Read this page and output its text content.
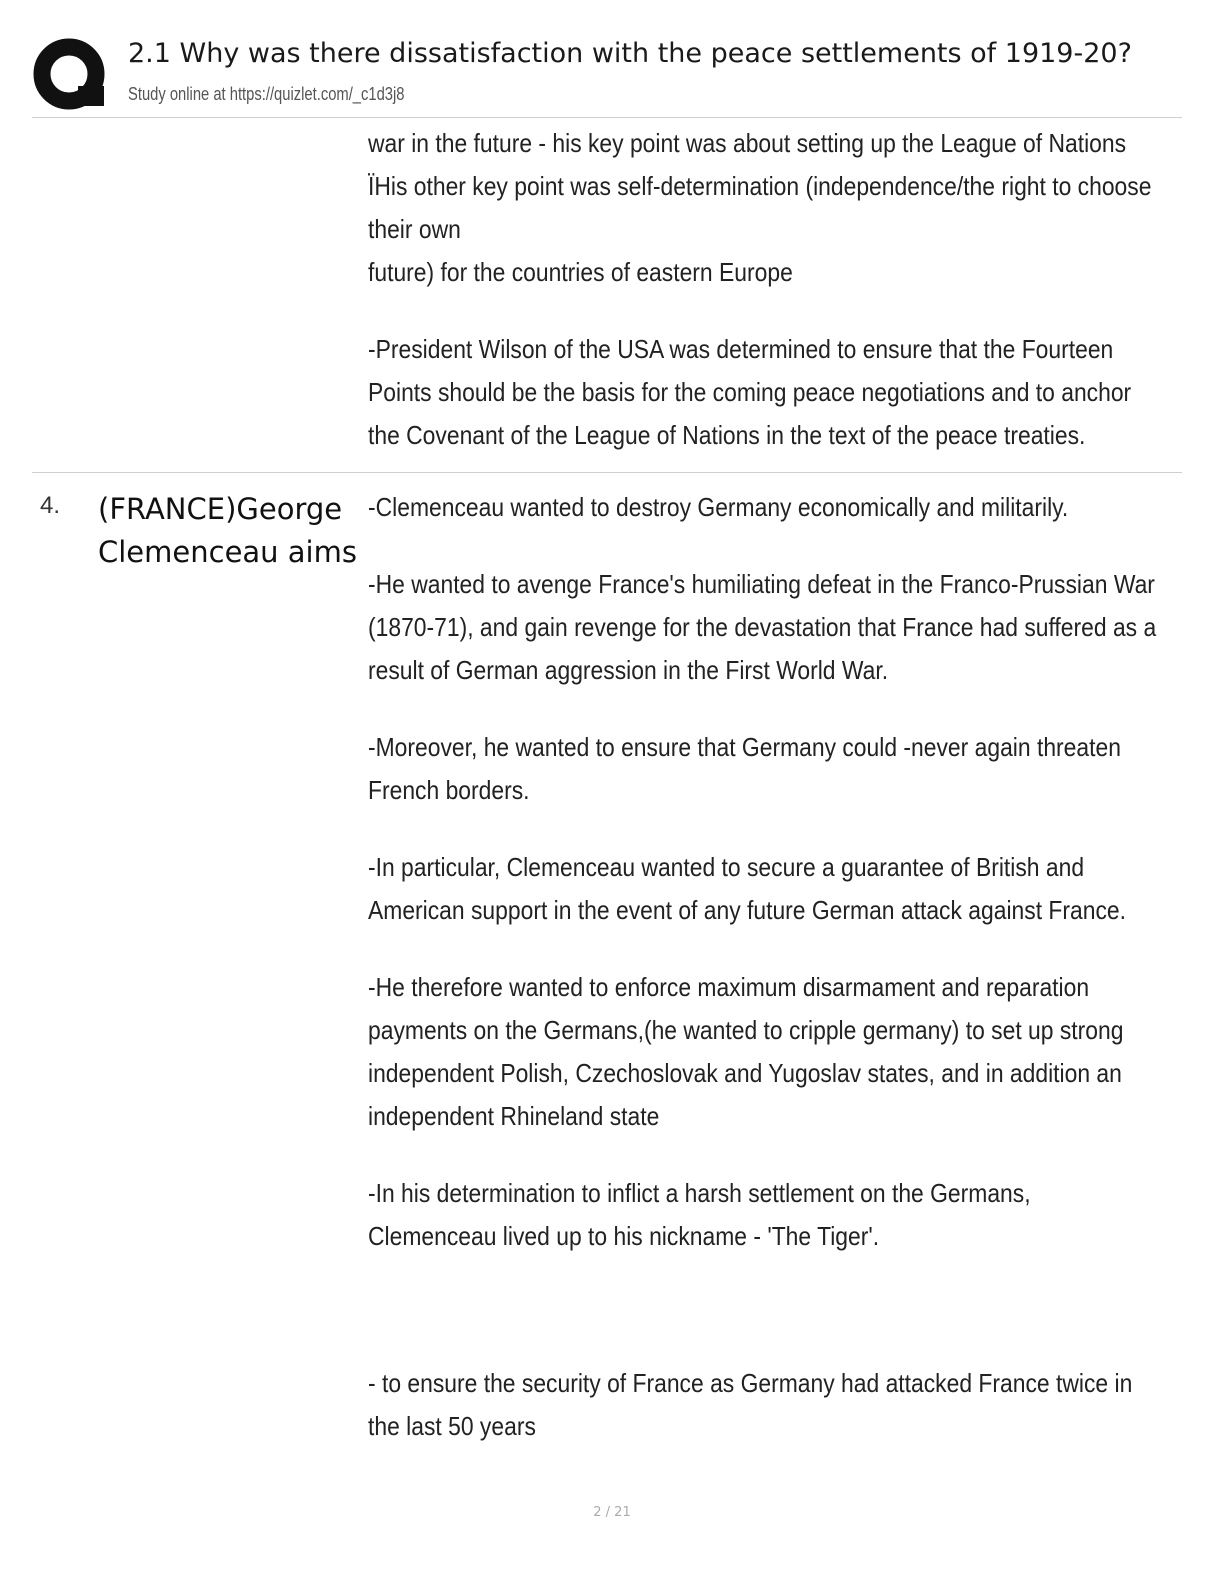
Q
2.1 Why was there dissatisfaction with the peace settlements of 1919-20?
Study online at https://quizlet.com/_c1d3j8

war in the future - his key point was about setting up the League of Nations

ÏHis other key point was self-determination (independence/the right to choose

their own

future) for the countries of eastern Europe

-President Wilson of the USA was determined to ensure that the Fourteen Points should be the basis for the coming peace negotiations and to anchor the Covenant of the League of Nations in the text of the peace treaties.

4. (FRANCE)George Clemenceau aims

-Clemenceau wanted to destroy Germany economically and militarily.

-He wanted to avenge France's humiliating defeat in the Franco-Prussian War (1870-71), and gain revenge for the devastation that France had suffered as a result of German aggression in the First World War.

-Moreover, he wanted to ensure that Germany could -never again threaten French borders.

-In particular, Clemenceau wanted to secure a guarantee of British and American support in the event of any future German attack against France.

-He therefore wanted to enforce maximum disarmament and reparation payments on the Germans,(he wanted to cripple germany) to set up strong independent Polish, Czechoslovak and Yugoslav states, and in addition an independent Rhineland state

-In his determination to inflict a harsh settlement on the Germans, Clemenceau lived up to his nickname - 'The Tiger'.

- to ensure the security of France as Germany had attacked France twice in the last 50 years

2 / 21
